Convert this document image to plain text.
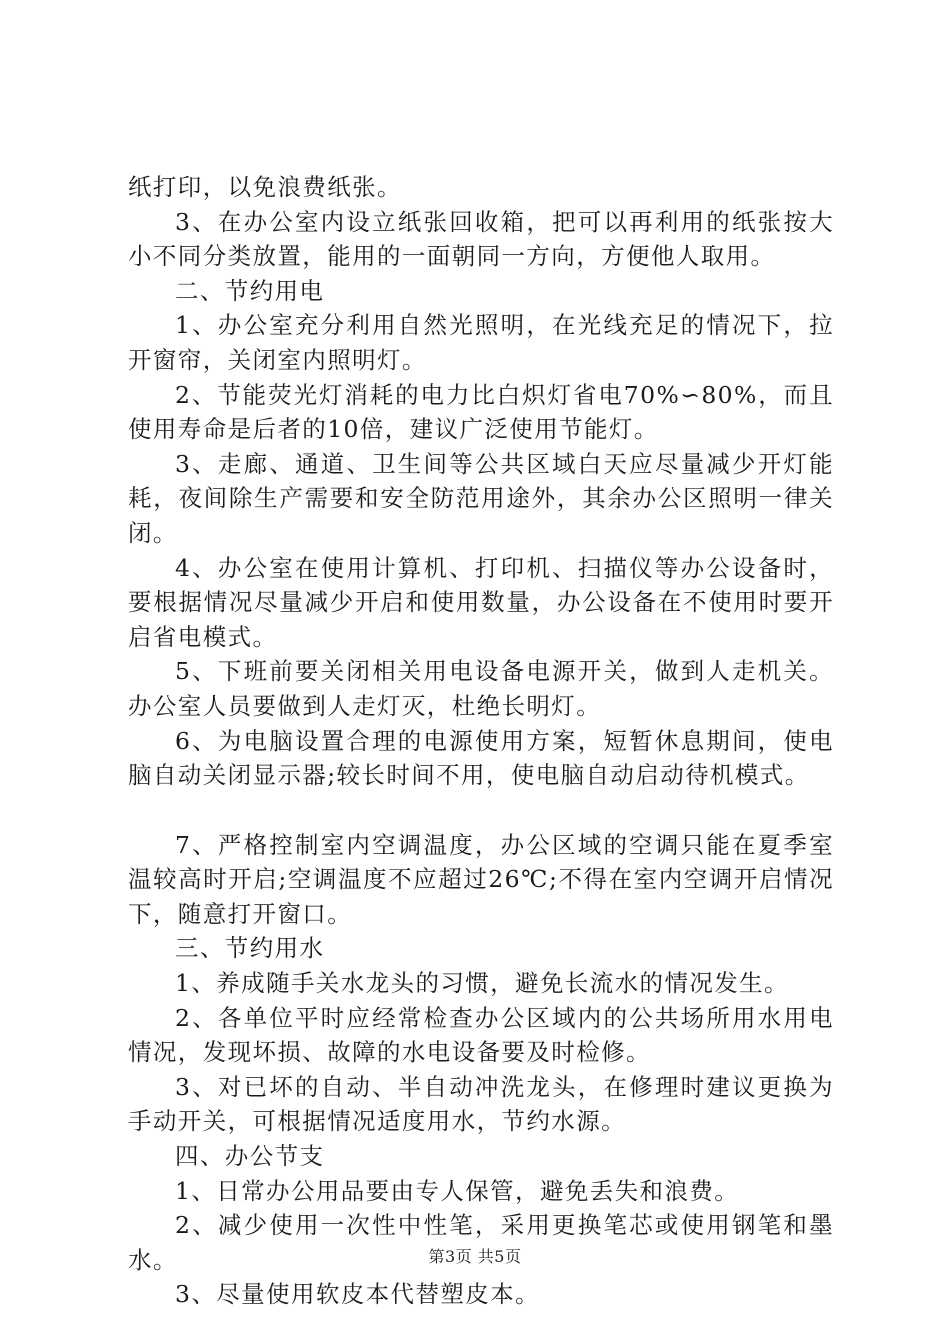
纸打印，以免浪费纸张。

3、在办公室内设立纸张回收箱，把可以再利用的纸张按大小不同分类放置，能用的一面朝同一方向，方便他人取用。

二、节约用电

1、办公室充分利用自然光照明，在光线充足的情况下，拉开窗帘，关闭室内照明灯。

2、节能荧光灯消耗的电力比白炽灯省电70%∽80%，而且使用寿命是后者的10倍，建议广泛使用节能灯。

3、走廊、通道、卫生间等公共区域白天应尽量减少开灯能耗，夜间除生产需要和安全防范用途外，其余办公区照明一律关闭。

4、办公室在使用计算机、打印机、扫描仪等办公设备时，要根据情况尽量减少开启和使用数量，办公设备在不使用时要开启省电模式。

5、下班前要关闭相关用电设备电源开关，做到人走机关。办公室人员要做到人走灯灭，杜绝长明灯。

6、为电脑设置合理的电源使用方案，短暂休息期间，使电脑自动关闭显示器;较长时间不用，使电脑自动启动待机模式。

7、严格控制室内空调温度，办公区域的空调只能在夏季室温较高时开启;空调温度不应超过26℃;不得在室内空调开启情况下，随意打开窗口。

三、节约用水

1、养成随手关水龙头的习惯，避免长流水的情况发生。

2、各单位平时应经常检查办公区域内的公共场所用水用电情况，发现坏损、故障的水电设备要及时检修。

3、对已坏的自动、半自动冲洗龙头，在修理时建议更换为手动开关，可根据情况适度用水，节约水源。

四、办公节支

1、日常办公用品要由专人保管，避免丢失和浪费。

2、减少使用一次性中性笔，采用更换笔芯或使用钢笔和墨水。

3、尽量使用软皮本代替塑皮本。

第3页 共5页
